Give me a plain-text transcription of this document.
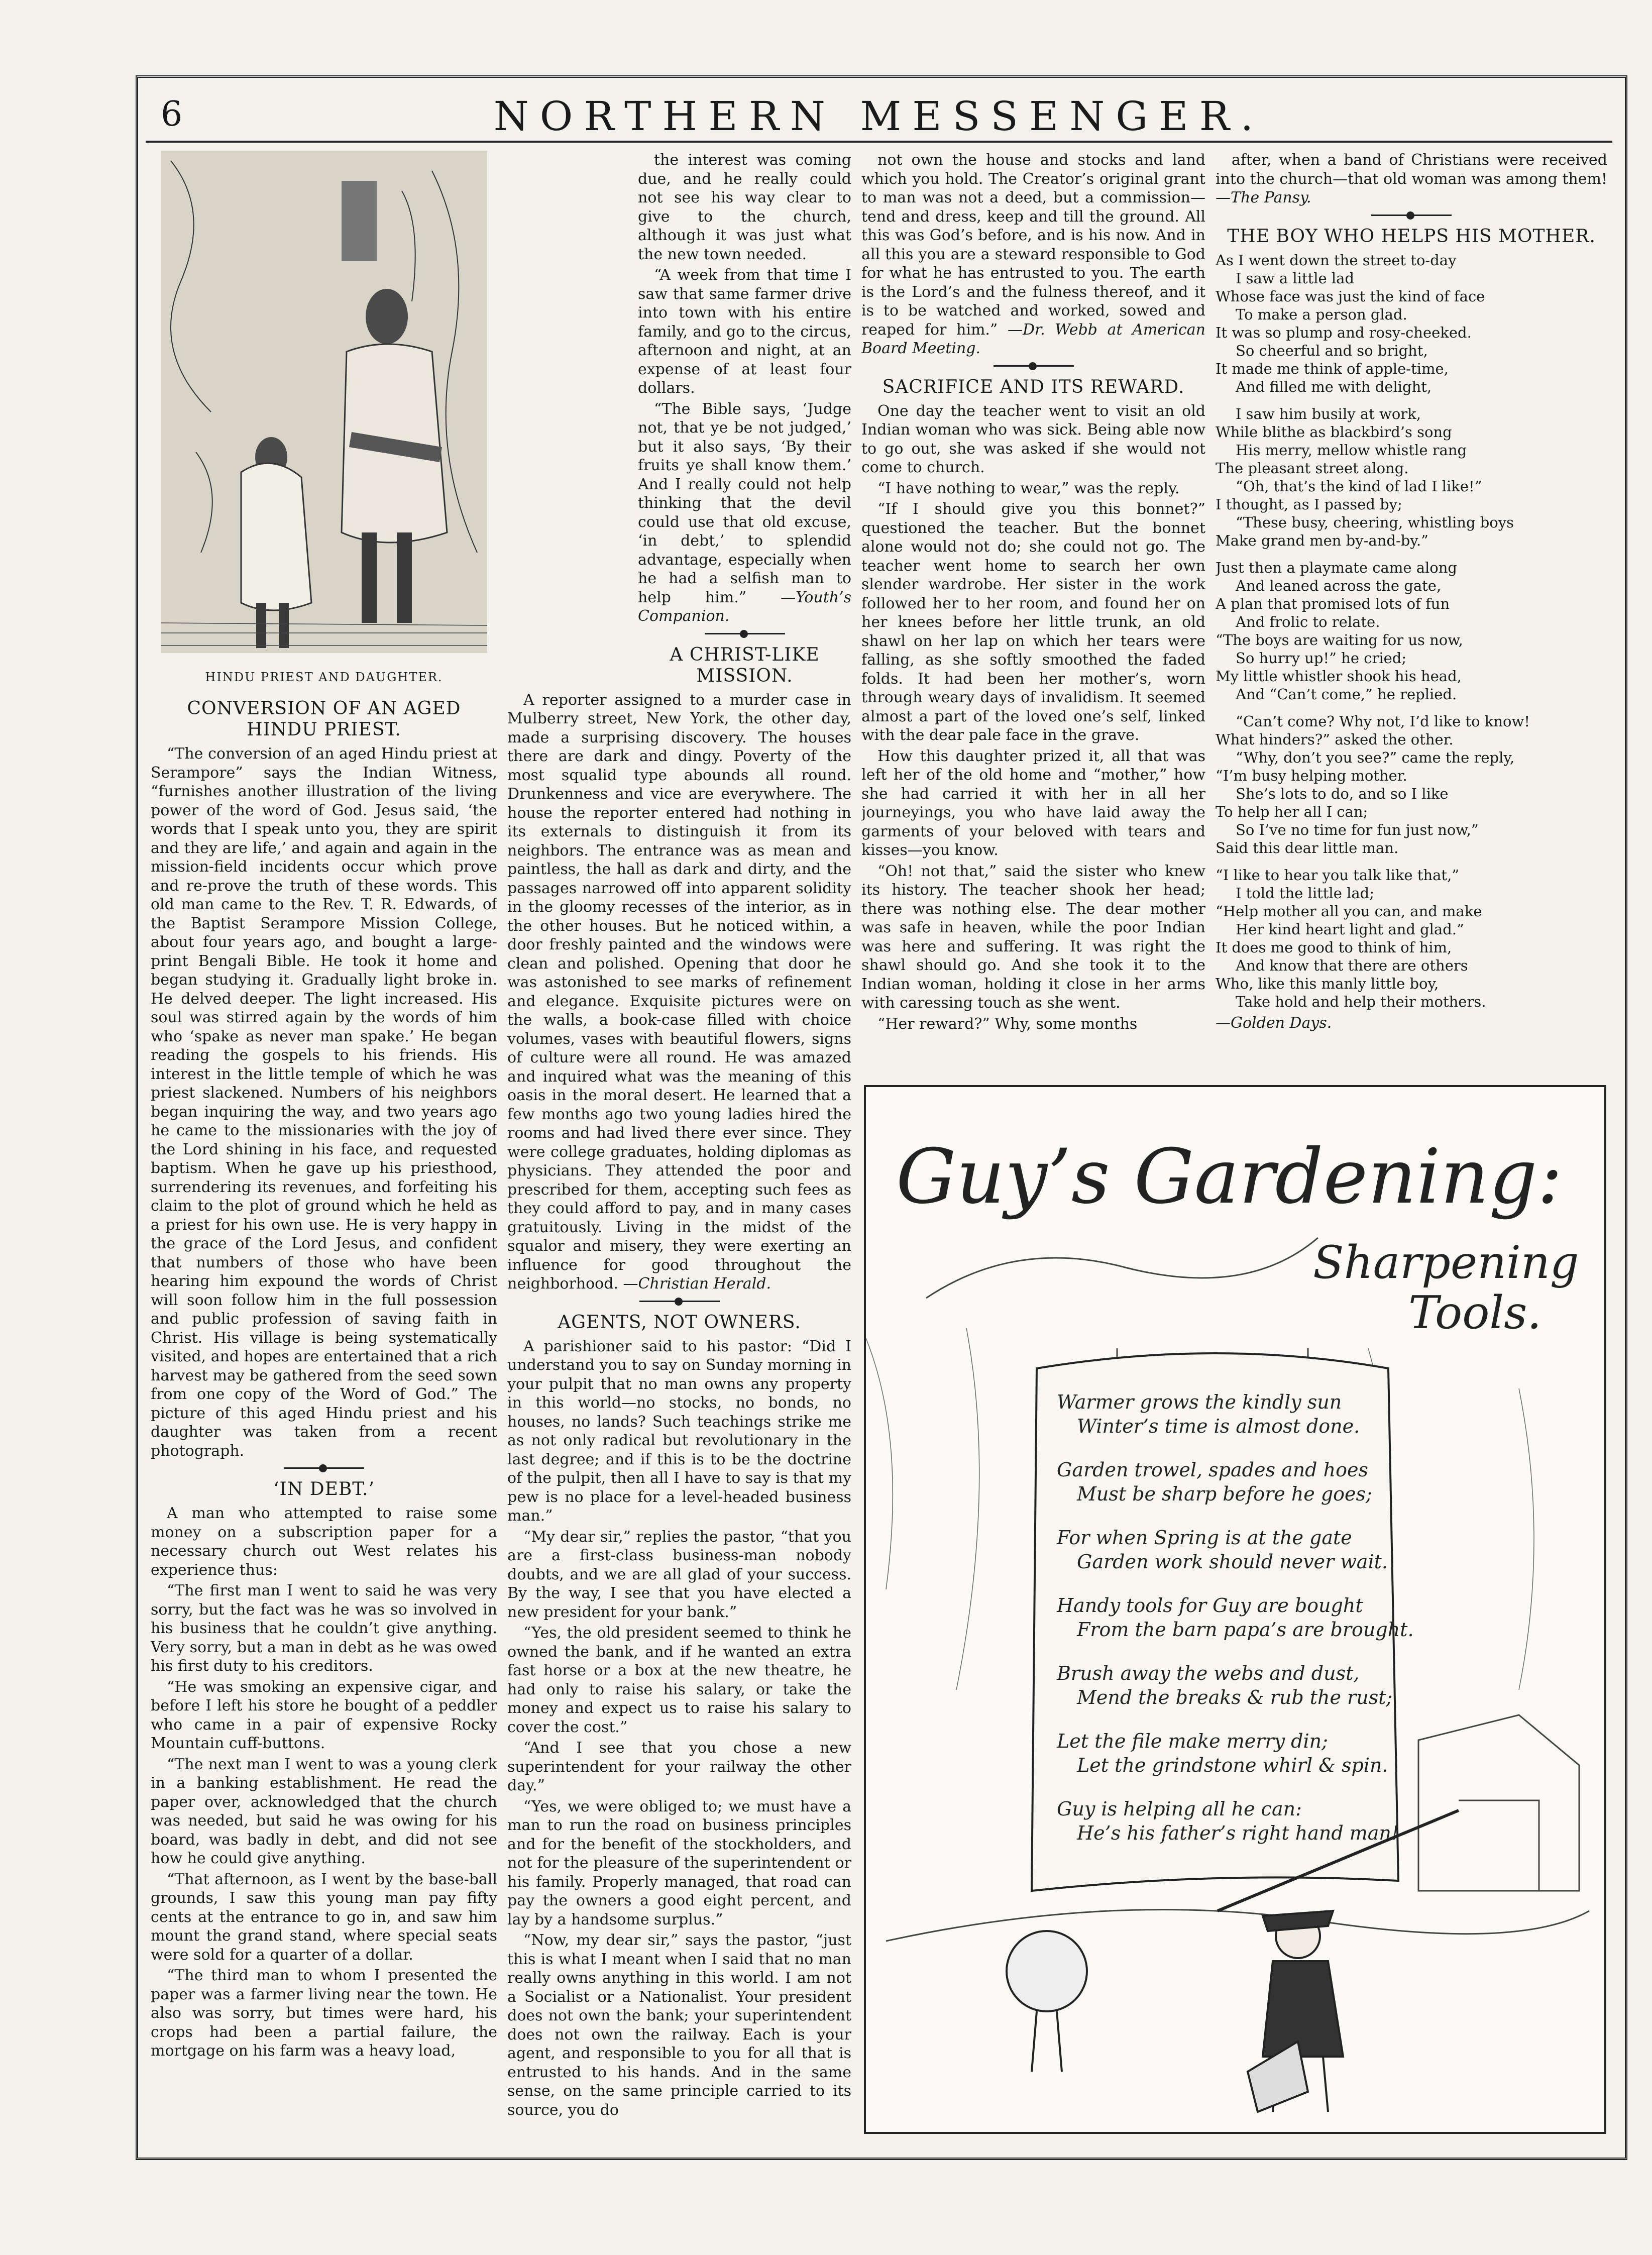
6	NORTHERN MESSENGER.
HINDU PRIEST AND DAUGHTER.
CONVERSION OF AN AGED HINDU PRIEST.

“The conversion of an aged Hindu priest at Serampore” says the Indian Witness, “furnishes another illustration of the living power of the word of God. Jesus said, ‘the words that I speak unto you, they are spirit and they are life,’ and again and again in the mission-field incidents occur which prove and re-prove the truth of these words. This old man came to the Rev. T. R. Edwards, of the Baptist Serampore Mission College, about four years ago, and bought a large-print Bengali Bible. He took it home and began studying it. Gradually light broke in. He delved deeper. The light increased. His soul was stirred again by the words of him who ‘spake as never man spake.’ He began reading the gospels to his friends. His interest in the little temple of which he was priest slackened. Numbers of his neighbors began inquiring the way, and two years ago he came to the missionaries with the joy of the Lord shining in his face, and requested baptism. When he gave up his priesthood, surrendering its revenues, and forfeiting his claim to the plot of ground which he held as a priest for his own use. He is very happy in the grace of the Lord Jesus, and confident that numbers of those who have been hearing him expound the words of Christ will soon follow him in the full possession and public profession of saving faith in Christ. His village is being systematically visited, and hopes are entertained that a rich harvest may be gathered from the seed sown from one copy of the Word of God.” The picture of this aged Hindu priest and his daughter was taken from a recent photograph.

‘IN DEBT.’

A man who attempted to raise some money on a subscription paper for a necessary church out West relates his experience thus:

“The first man I went to said he was very sorry, but the fact was he was so involved in his business that he couldn’t give anything. Very sorry, but a man in debt as he was owed his first duty to his creditors.

“He was smoking an expensive cigar, and before I left his store he bought of a peddler who came in a pair of expensive Rocky Mountain cuff-buttons.

“The next man I went to was a young clerk in a banking establishment. He read the paper over, acknowledged that the church was needed, but said he was owing for his board, was badly in debt, and did not see how he could give anything.

“That afternoon, as I went by the base-ball grounds, I saw this young man pay fifty cents at the entrance to go in, and saw him mount the grand stand, where special seats were sold for a quarter of a dollar.

“The third man to whom I presented the paper was a farmer living near the town. He also was sorry, but times were hard, his crops had been a partial failure, the mortgage on his farm was a heavy load,

the interest was coming due, and he really could not see his way clear to give to the church, although it was just what the new town needed.

“A week from that time I saw that same farmer drive into town with his entire family, and go to the circus, afternoon and night, at an expense of at least four dollars.

“The Bible says, ‘Judge not, that ye be not judged,’ but it also says, ‘By their fruits ye shall know them.’ And I really could not help thinking that the devil could use that old excuse, ‘in debt,’ to splendid advantage, especially when he had a selfish man to help him.” —Youth’s Companion.

A CHRIST-LIKE MISSION.

A reporter assigned to a murder case in Mulberry street, New York, the other day, made a surprising discovery. The houses there are dark and dingy. Poverty of the most squalid type abounds all round. Drunkenness and vice are everywhere. The house the reporter entered had nothing in its externals to distinguish it from its neighbors. The entrance was as mean and paintless, the hall as dark and dirty, and the passages narrowed off into apparent solidity in the gloomy recesses of the interior, as in the other houses. But he noticed within, a door freshly painted and the windows were clean and polished. Opening that door he was astonished to see marks of refinement and elegance. Exquisite pictures were on the walls, a book-case filled with choice volumes, vases with beautiful flowers, signs of culture were all round. He was amazed and inquired what was the meaning of this oasis in the moral desert. He learned that a few months ago two young ladies hired the rooms and had lived there ever since. They were college graduates, holding diplomas as physicians. They attended the poor and prescribed for them, accepting such fees as they could afford to pay, and in many cases gratuitously. Living in the midst of the squalor and misery, they were exerting an influence for good throughout the neighborhood. —Christian Herald.

AGENTS, NOT OWNERS.

A parishioner said to his pastor: “Did I understand you to say on Sunday morning in your pulpit that no man owns any property in this world—no stocks, no bonds, no houses, no lands? Such teachings strike me as not only radical but revolutionary in the last degree; and if this is to be the doctrine of the pulpit, then all I have to say is that my pew is no place for a level-headed business man.”

“My dear sir,” replies the pastor, “that you are a first-class business-man nobody doubts, and we are all glad of your success. By the way, I see that you have elected a new president for your bank.”

“Yes, the old president seemed to think he owned the bank, and if he wanted an extra fast horse or a box at the new theatre, he had only to raise his salary, or take the money and expect us to raise his salary to cover the cost.”

“And I see that you chose a new superintendent for your railway the other day.”

“Yes, we were obliged to; we must have a man to run the road on business principles and for the benefit of the stockholders, and not for the pleasure of the superintendent or his family. Properly managed, that road can pay the owners a good eight percent, and lay by a handsome surplus.”

“Now, my dear sir,” says the pastor, “just this is what I meant when I said that no man really owns anything in this world. I am not a Socialist or a Nationalist. Your president does not own the bank; your superintendent does not own the railway. Each is your agent, and responsible to you for all that is entrusted to his hands. And in the same sense, on the same principle carried to its source, you do

not own the house and stocks and land which you hold. The Creator’s original grant to man was not a deed, but a commission—tend and dress, keep and till the ground. All this was God’s before, and is his now. And in all this you are a steward responsible to God for what he has entrusted to you. The earth is the Lord’s and the fulness thereof, and it is to be watched and worked, sowed and reaped for him.” —Dr. Webb at American Board Meeting.

SACRIFICE AND ITS REWARD.

One day the teacher went to visit an old Indian woman who was sick. Being able now to go out, she was asked if she would not come to church.

“I have nothing to wear,” was the reply.

“If I should give you this bonnet?” questioned the teacher. But the bonnet alone would not do; she could not go. The teacher went home to search her own slender wardrobe. Her sister in the work followed her to her room, and found her on her knees before her little trunk, an old shawl on her lap on which her tears were falling, as she softly smoothed the faded folds. It had been her mother’s, worn through weary days of invalidism. It seemed almost a part of the loved one’s self, linked with the dear pale face in the grave.

How this daughter prized it, all that was left her of the old home and “mother,” how she had carried it with her in all her journeyings, you who have laid away the garments of your beloved with tears and kisses—you know.

“Oh! not that,” said the sister who knew its history. The teacher shook her head; there was nothing else. The dear mother was safe in heaven, while the poor Indian was here and suffering. It was right the shawl should go. And she took it to the Indian woman, holding it close in her arms with caressing touch as she went.

“Her reward?” Why, some months

after, when a band of Christians were received into the church—that old woman was among them! —The Pansy.

THE BOY WHO HELPS HIS MOTHER.
As I went down the street to-day
I saw a little lad
Whose face was just the kind of face
To make a person glad.
It was so plump and rosy-cheeked.
So cheerful and so bright,
It made me think of apple-time,
And filled me with delight,
I saw him busily at work,
While blithe as blackbird’s song
His merry, mellow whistle rang
The pleasant street along.
“Oh, that’s the kind of lad I like!”
I thought, as I passed by;
“These busy, cheering, whistling boys
Make grand men by-and-by.”
Just then a playmate came along
And leaned across the gate,
A plan that promised lots of fun
And frolic to relate.
“The boys are waiting for us now,
So hurry up!” he cried;
My little whistler shook his head,
And “Can’t come,” he replied.
“Can’t come? Why not, I’d like to know!
What hinders?” asked the other.
“Why, don’t you see?” came the reply,
“I’m busy helping mother.
She’s lots to do, and so I like
To help her all I can;
So I’ve no time for fun just now,”
Said this dear little man.
“I like to hear you talk like that,”
I told the little lad;
“Help mother all you can, and make
Her kind heart light and glad.”
It does me good to think of him,
And know that there are others
Who, like this manly little boy,
Take hold and help their mothers.
—Golden Days.
Guy’s Gardening:
Sharpening
Tools.
Warmer grows the kindly sun
Winter’s time is almost done.
Garden trowel, spades and hoes
Must be sharp before he goes;
For when Spring is at the gate
Garden work should never wait.
Handy tools for Guy are bought
From the barn papa’s are brought.
Brush away the webs and dust,
Mend the breaks & rub the rust;
Let the file make merry din;
Let the grindstone whirl & spin.
Guy is helping all he can:
He’s his father’s right hand man!
